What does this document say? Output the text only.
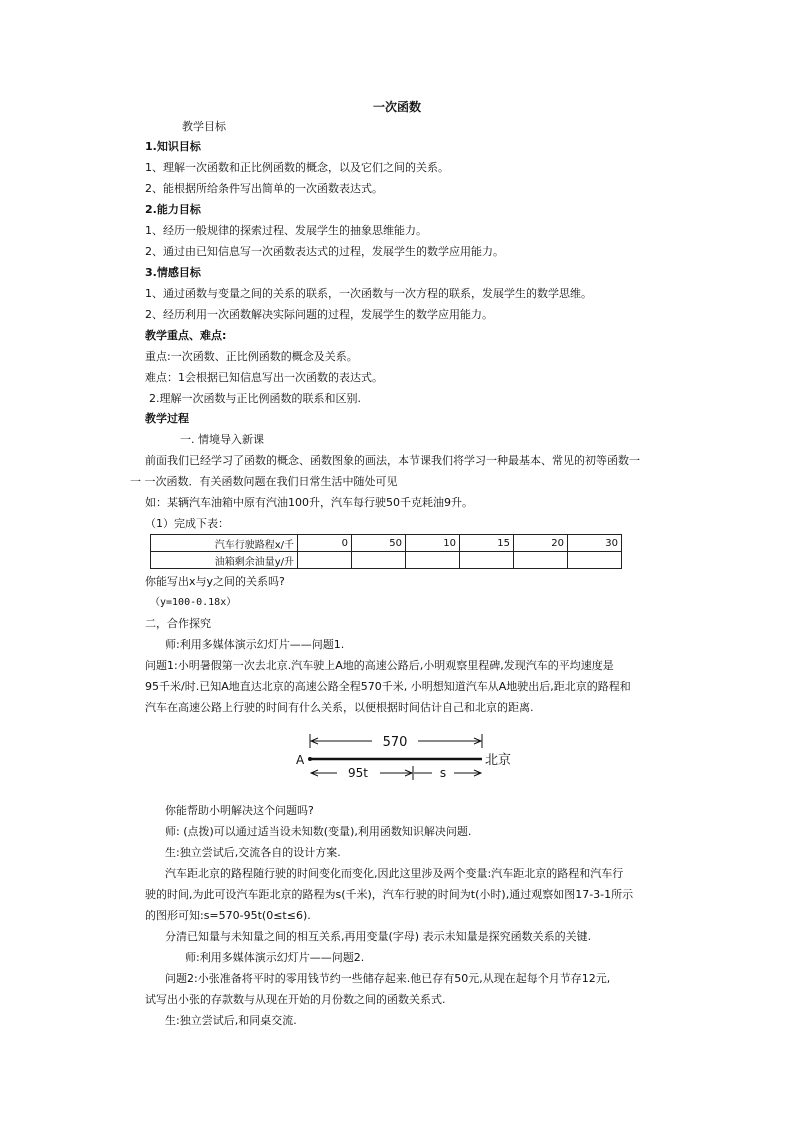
一次函数
教学目标
1.知识目标
1、理解一次函数和正比例函数的概念，以及它们之间的关系。
2、能根据所给条件写出简单的一次函数表达式。
2.能力目标
1、经历一般规律的探索过程、发展学生的抽象思维能力。
2、通过由已知信息写一次函数表达式的过程，发展学生的数学应用能力。
3.情感目标
1、通过函数与变量之间的关系的联系，一次函数与一次方程的联系，发展学生的数学思维。
2、经历利用一次函数解决实际问题的过程，发展学生的数学应用能力。
教学重点、难点:
重点:一次函数、正比例函数的概念及关系。
难点：1会根据已知信息写出一次函数的表达式。
2.理解一次函数与正比例函数的联系和区别.
教学过程
一. 情境导入新课
前面我们已经学习了函数的概念、函数图象的画法，本节课我们将学习一种最基本、常见的初等函数一
一 一次函数．有关函数问题在我们日常生活中随处可见
如：某辆汽车油箱中原有汽油100升，汽车每行驶50千克耗油9升。
（1）完成下表：
汽车行驶路程x/千	0	50	10	15	20	30
油箱剩余油量y/升						
你能写出x与y之间的关系吗?
（y=100-0.18x）
二，合作探究
师:利用多媒体演示幻灯片——问题1.
问题1:小明暑假第一次去北京.汽车驶上A地的高速公路后,小明观察里程碑,发现汽车的平均速度是
95千米/时.已知A地直达北京的高速公路全程570千米, 小明想知道汽车从A地驶出后,距北京的路程和
汽车在高速公路上行驶的时间有什么关系，以便根据时间估计自己和北京的距离.
570
A	北京
95t	s
你能帮助小明解决这个问题吗?
师: (点拨)可以通过适当设未知数(变量),利用函数知识解决问题.
生:独立尝试后,交流各自的设计方案.
汽车距北京的路程随行驶的时间变化而变化,因此这里涉及两个变量:汽车距北京的路程和汽车行
驶的时间,为此可设汽车距北京的路程为s(千米)，汽车行驶的时间为t(小时),通过观察如图17-3-1所示
的图形可知:s=570-95t(0≤t≤6).
分清已知量与未知量之间的相互关系,再用变量(字母) 表示未知量是探究函数关系的关键.
师:利用多媒体演示幻灯片——问题2.
问题2:小张准备将平时的零用钱节约一些储存起来.他已存有50元,从现在起每个月节存12元,
试写出小张的存款数与从现在开始的月份数之间的函数关系式.
生:独立尝试后,和同桌交流.
